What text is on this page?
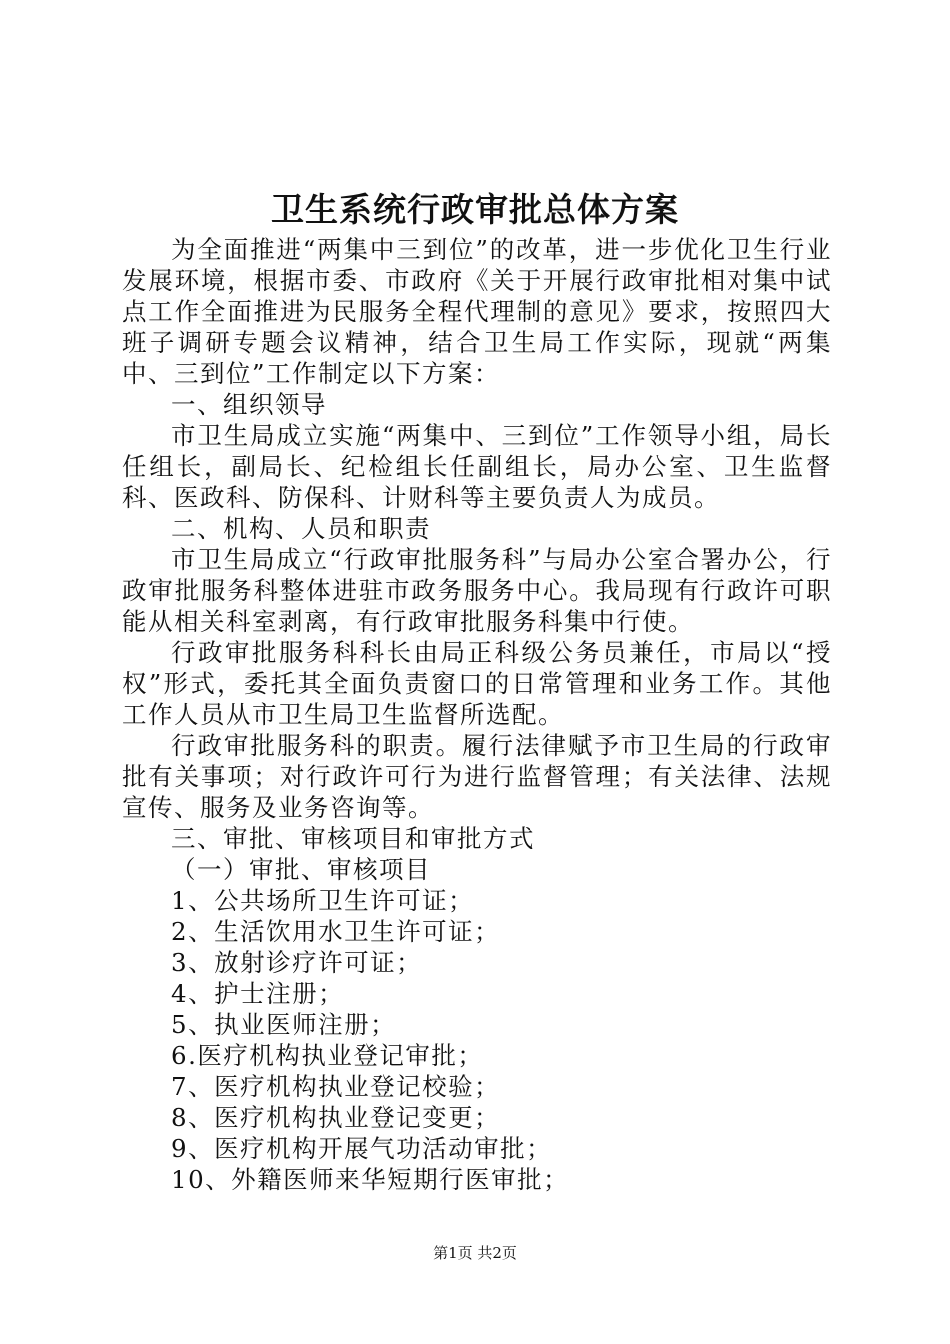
卫生系统行政审批总体方案

为全面推进“两集中三到位”的改革，进一步优化卫生行业发展环境，根据市委、市政府《关于开展行政审批相对集中试点工作全面推进为民服务全程代理制的意见》要求，按照四大班子调研专题会议精神，结合卫生局工作实际，现就“两集中、三到位”工作制定以下方案：

一、组织领导

市卫生局成立实施“两集中、三到位”工作领导小组，局长任组长，副局长、纪检组长任副组长，局办公室、卫生监督科、医政科、防保科、计财科等主要负责人为成员。

二、机构、人员和职责

市卫生局成立“行政审批服务科”与局办公室合署办公，行政审批服务科整体进驻市政务服务中心。我局现有行政许可职能从相关科室剥离，有行政审批服务科集中行使。

行政审批服务科科长由局正科级公务员兼任，市局以“授权”形式，委托其全面负责窗口的日常管理和业务工作。其他工作人员从市卫生局卫生监督所选配。

行政审批服务科的职责。履行法律赋予市卫生局的行政审批有关事项；对行政许可行为进行监督管理；有关法律、法规宣传、服务及业务咨询等。

三、审批、审核项目和审批方式

（一）审批、审核项目

1、公共场所卫生许可证；

2、生活饮用水卫生许可证；

3、放射诊疗许可证；

4、护士注册；

5、执业医师注册；

6.医疗机构执业登记审批；

7、医疗机构执业登记校验；

8、医疗机构执业登记变更；

9、医疗机构开展气功活动审批；

10、外籍医师来华短期行医审批；

第1页 共2页
